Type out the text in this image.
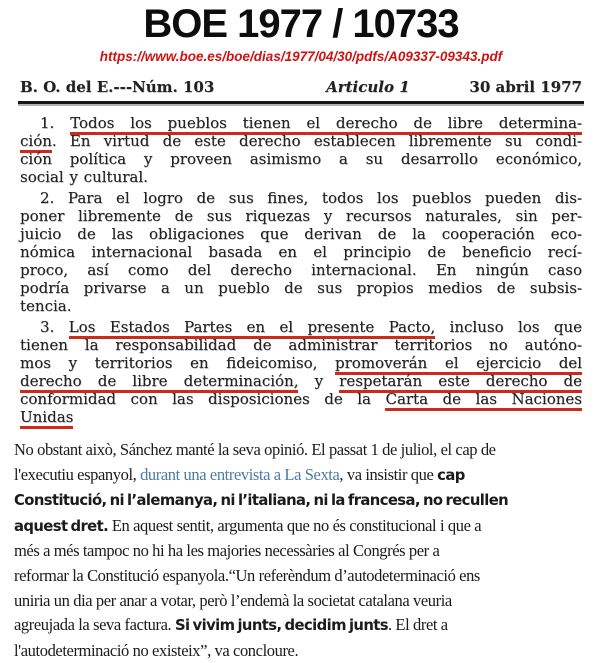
BOE 1977 / 10733
https://www.boe.es/boe/dias/1977/04/30/pdfs/A09337-09343.pdf
B. O. del E.---Núm. 103	Articulo 1	30 abril 1977
1. Todos los pueblos tienen el derecho de libre determina-
ción. En virtud de este derecho establecen libremente su condi-
ción política y proveen asimismo a su desarrollo económico,
social y cultural.
2. Para el logro de sus fines, todos los pueblos pueden dis-
poner libremente de sus riquezas y recursos naturales, sin per-
juicio de las obligaciones que derivan de la cooperación eco-
nómica internacional basada en el principio de beneficio recí-
proco, así como del derecho internacional. En ningún caso
podría privarse a un pueblo de sus propios medios de subsis-
tencia.
3. Los Estados Partes en el presente Pacto, incluso los que
tienen la responsabilidad de administrar territorios no autóno-
mos y territorios en fideicomiso, promoverán el ejercicio del
derecho de libre determinación, y respetarán este derecho de
conformidad con las disposiciones de la Carta de las Naciones
Unidas
No obstant això, Sánchez manté la seva opinió. El passat 1 de juliol, el cap de
l'executiu espanyol, durant una entrevista a La Sexta, va insistir que cap
Constitució, ni l’alemanya, ni l’italiana, ni la francesa, no recullen
aquest dret. En aquest sentit, argumenta que no és constitucional i que a
més a més tampoc no hi ha les majories necessàries al Congrés per a
reformar la Constitució espanyola.“Un referèndum d’autodeterminació ens
uniria un dia per anar a votar, però l’endemà la societat catalana veuria
agreujada la seva factura. Si vivim junts, decidim junts. El dret a
l'autodeterminació no existeix”, va concloure.
